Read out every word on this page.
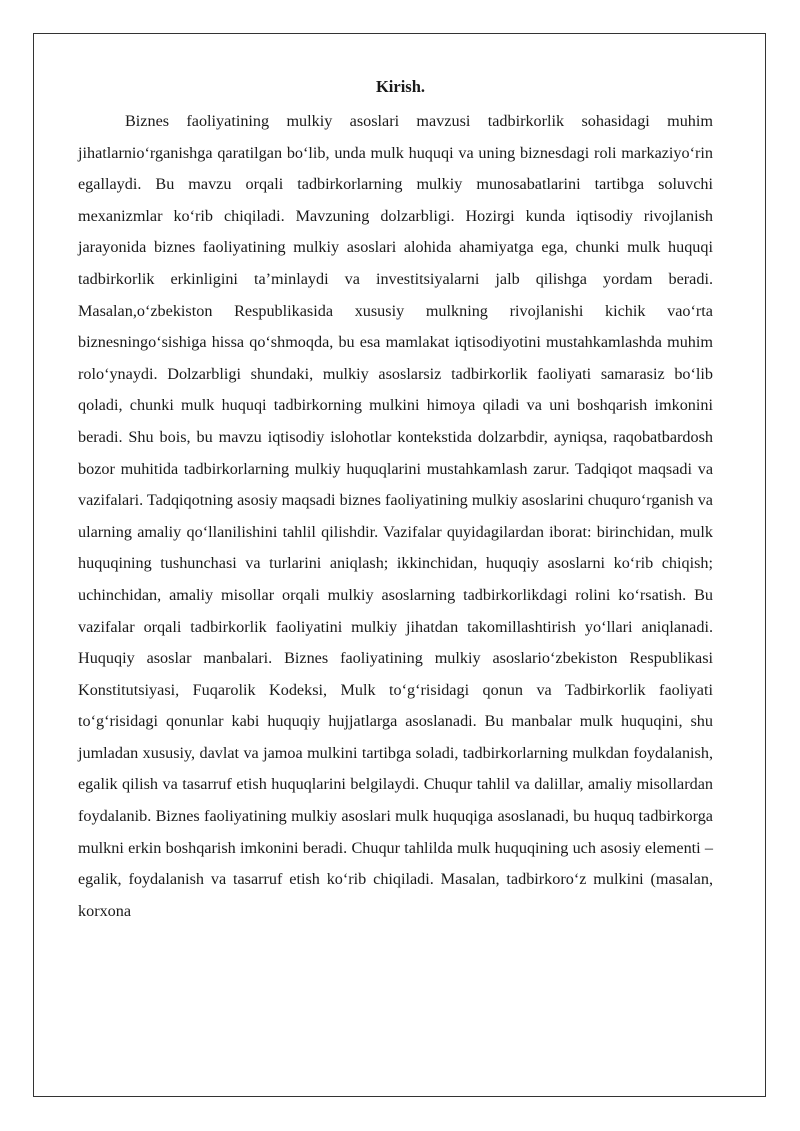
Kirish.

Biznes faoliyatining mulkiy asoslari mavzusi tadbirkorlik sohasidagi muhim jihatlarnio‘rganishga qaratilgan bo‘lib, unda mulk huquqi va uning biznesdagi roli markaziyo‘rin egallaydi. Bu mavzu orqali tadbirkorlarning mulkiy munosabatlarini tartibga soluvchi mexanizmlar ko‘rib chiqiladi. Mavzuning dolzarbligi. Hozirgi kunda iqtisodiy rivojlanish jarayonida biznes faoliyatining mulkiy asoslari alohida ahamiyatga ega, chunki mulk huquqi tadbirkorlik erkinligini ta’minlaydi va investitsiyalarni jalb qilishga yordam beradi. Masalan,o‘zbekiston Respublikasida xususiy mulkning rivojlanishi kichik vao‘rta biznesningo‘sishiga hissa qo‘shmoqda, bu esa mamlakat iqtisodiyotini mustahkamlashda muhim rolo‘ynaydi. Dolzarbligi shundaki, mulkiy asoslarsiz tadbirkorlik faoliyati samarasiz bo‘lib qoladi, chunki mulk huquqi tadbirkorning mulkini himoya qiladi va uni boshqarish imkonini beradi. Shu bois, bu mavzu iqtisodiy islohotlar kontekstida dolzarbdir, ayniqsa, raqobatbardosh bozor muhitida tadbirkorlarning mulkiy huquqlarini mustahkamlash zarur. Tadqiqot maqsadi va vazifalari. Tadqiqotning asosiy maqsadi biznes faoliyatining mulkiy asoslarini chuquro‘rganish va ularning amaliy qo‘llanilishini tahlil qilishdir. Vazifalar quyidagilardan iborat: birinchidan, mulk huquqining tushunchasi va turlarini aniqlash; ikkinchidan, huquqiy asoslarni ko‘rib chiqish; uchinchidan, amaliy misollar orqali mulkiy asoslarning tadbirkorlikdagi rolini ko‘rsatish. Bu vazifalar orqali tadbirkorlik faoliyatini mulkiy jihatdan takomillashtirish yo‘llari aniqlanadi. Huquqiy asoslar manbalari. Biznes faoliyatining mulkiy asoslario‘zbekiston Respublikasi Konstitutsiyasi, Fuqarolik Kodeksi, Mulk to‘g‘risidagi qonun va Tadbirkorlik faoliyati to‘g‘risidagi qonunlar kabi huquqiy hujjatlarga asoslanadi. Bu manbalar mulk huquqini, shu jumladan xususiy, davlat va jamoa mulkini tartibga soladi, tadbirkorlarning mulkdan foydalanish, egalik qilish va tasarruf etish huquqlarini belgilaydi. Chuqur tahlil va dalillar, amaliy misollardan foydalanib. Biznes faoliyatining mulkiy asoslari mulk huquqiga asoslanadi, bu huquq tadbirkorga mulkni erkin boshqarish imkonini beradi. Chuqur tahlilda mulk huquqining uch asosiy elementi – egalik, foydalanish va tasarruf etish ko‘rib chiqiladi. Masalan, tadbirkoro‘z mulkini (masalan, korxona
